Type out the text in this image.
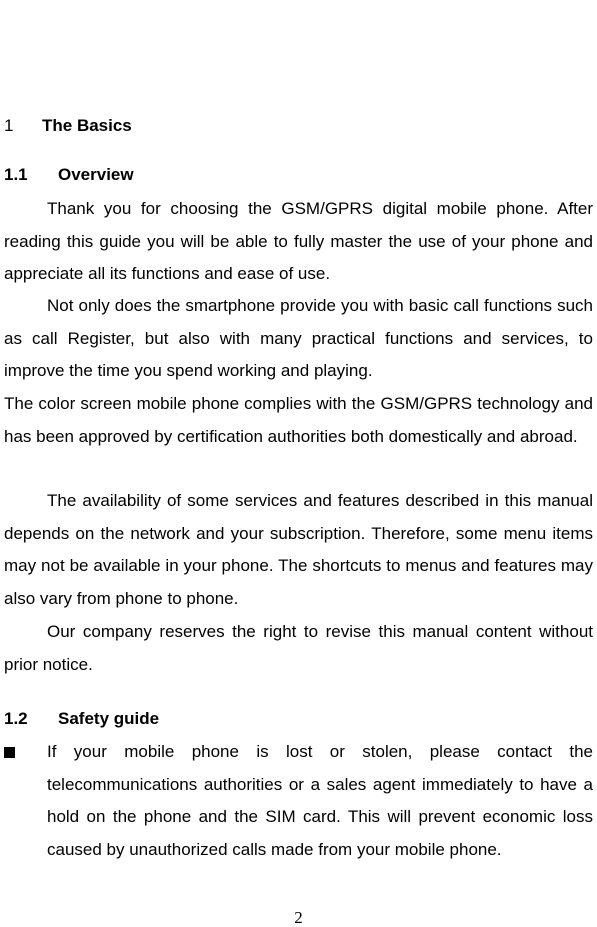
1 The Basics
1.1 Overview

Thank you for choosing the GSM/GPRS digital mobile phone. After reading this guide you will be able to fully master the use of your phone and appreciate all its functions and ease of use.

Not only does the smartphone provide you with basic call functions such as call Register, but also with many practical functions and services, to improve the time you spend working and playing.

The color screen mobile phone complies with the GSM/GPRS technology and has been approved by certification authorities both domestically and abroad.

The availability of some services and features described in this manual depends on the network and your subscription. Therefore, some menu items may not be available in your phone. The shortcuts to menus and features may also vary from phone to phone.

Our company reserves the right to revise this manual content without prior notice.

1.2 Safety guide

If your mobile phone is lost or stolen, please contact the telecommunications authorities or a sales agent immediately to have a hold on the phone and the SIM card. This will prevent economic loss caused by unauthorized calls made from your mobile phone.

2
